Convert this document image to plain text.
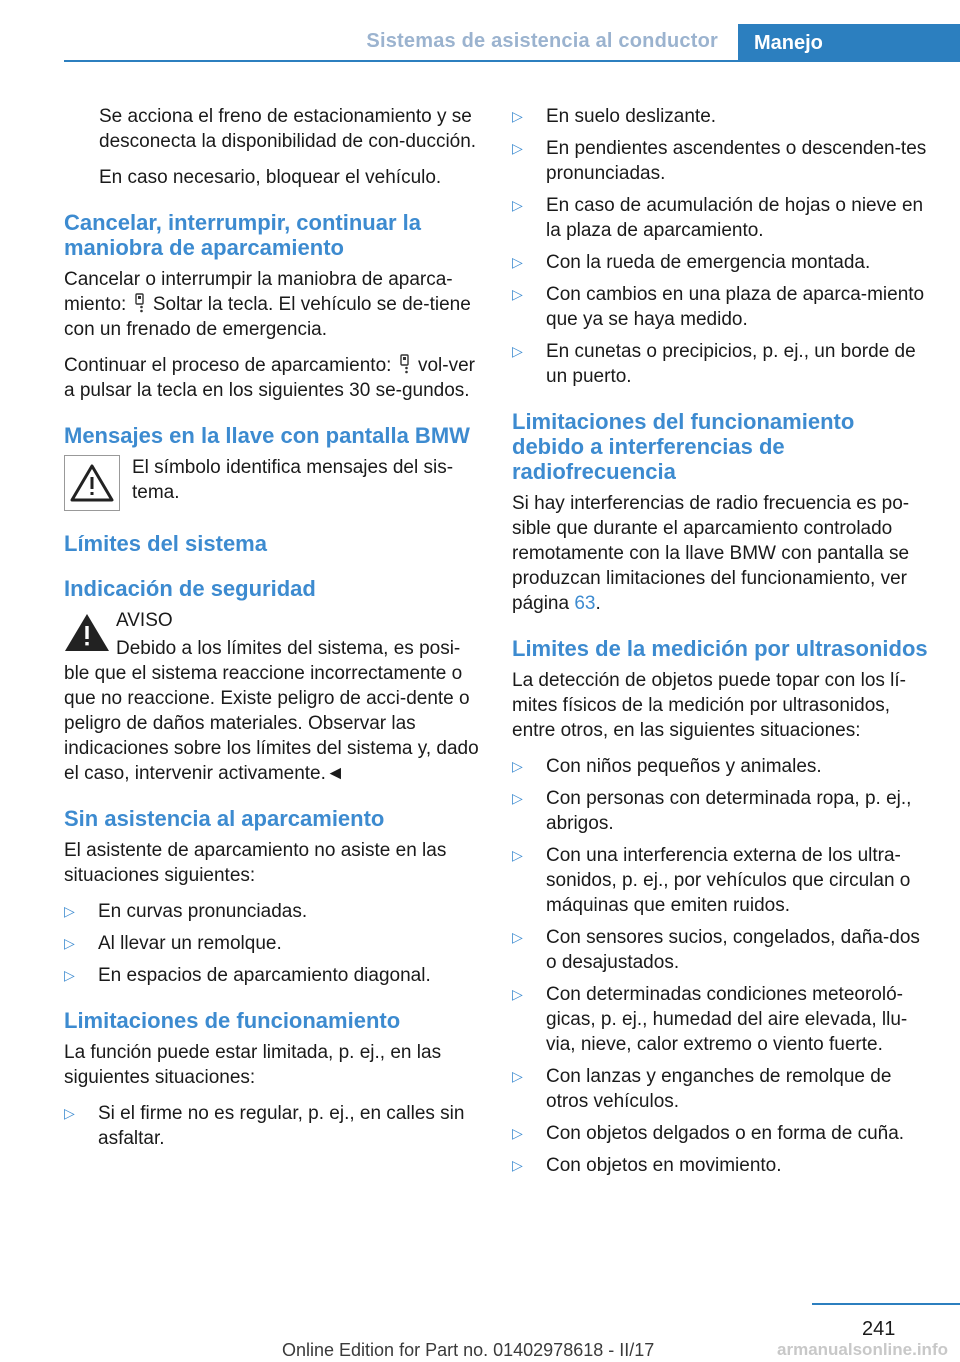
Sistemas de asistencia al conductor	Manejo

Se acciona el freno de estacionamiento y se desconecta la disponibilidad de con-ducción.

En caso necesario, bloquear el vehículo.

Cancelar, interrumpir, continuar la maniobra de aparcamiento

Cancelar o interrumpir la maniobra de aparca-miento: Soltar la tecla. El vehículo se de-tiene con un frenado de emergencia.

Continuar el proceso de aparcamiento: vol-ver a pulsar la tecla en los siguientes 30 se-gundos.

Mensajes en la llave con pantalla BMW
El símbolo identifica mensajes del sis-tema.
Límites del sistema
Indicación de seguridad
AVISO

Debido a los límites del sistema, es posi-ble que el sistema reaccione incorrectamente o que no reaccione. Existe peligro de acci-dente o peligro de daños materiales. Observar las indicaciones sobre los límites del sistema y, dado el caso, intervenir activamente.◄

Sin asistencia al aparcamiento

El asistente de aparcamiento no asiste en las situaciones siguientes:

▷ En curvas pronunciadas.
▷ Al llevar un remolque.
▷ En espacios de aparcamiento diagonal.
Limitaciones de funcionamiento

La función puede estar limitada, p. ej., en las siguientes situaciones:

▷ Si el firme no es regular, p. ej., en calles sin asfaltar.
▷ En suelo deslizante.
▷ En pendientes ascendentes o descenden-tes pronunciadas.
▷ En caso de acumulación de hojas o nieve en la plaza de aparcamiento.
▷ Con la rueda de emergencia montada.
▷ Con cambios en una plaza de aparca-miento que ya se haya medido.
▷ En cunetas o precipicios, p. ej., un borde de un puerto.
Limitaciones del funcionamiento debido a interferencias de radiofrecuencia

Si hay interferencias de radio frecuencia es po-sible que durante el aparcamiento controlado remotamente con la llave BMW con pantalla se produzcan limitaciones del funcionamiento, ver página 63.

Limites de la medición por ultrasonidos

La detección de objetos puede topar con los lí-mites físicos de la medición por ultrasonidos, entre otros, en las siguientes situaciones:

▷ Con niños pequeños y animales.
▷ Con personas con determinada ropa, p. ej., abrigos.
▷ Con una interferencia externa de los ultra-sonidos, p. ej., por vehículos que circulan o máquinas que emiten ruidos.
▷ Con sensores sucios, congelados, daña-dos o desajustados.
▷ Con determinadas condiciones meteoroló-gicas, p. ej., humedad del aire elevada, llu-via, nieve, calor extremo o viento fuerte.
▷ Con lanzas y enganches de remolque de otros vehículos.
▷ Con objetos delgados o en forma de cuña.
▷ Con objetos en movimiento.
241
Online Edition for Part no. 01402978618 - II/17	armanualsonline.info
